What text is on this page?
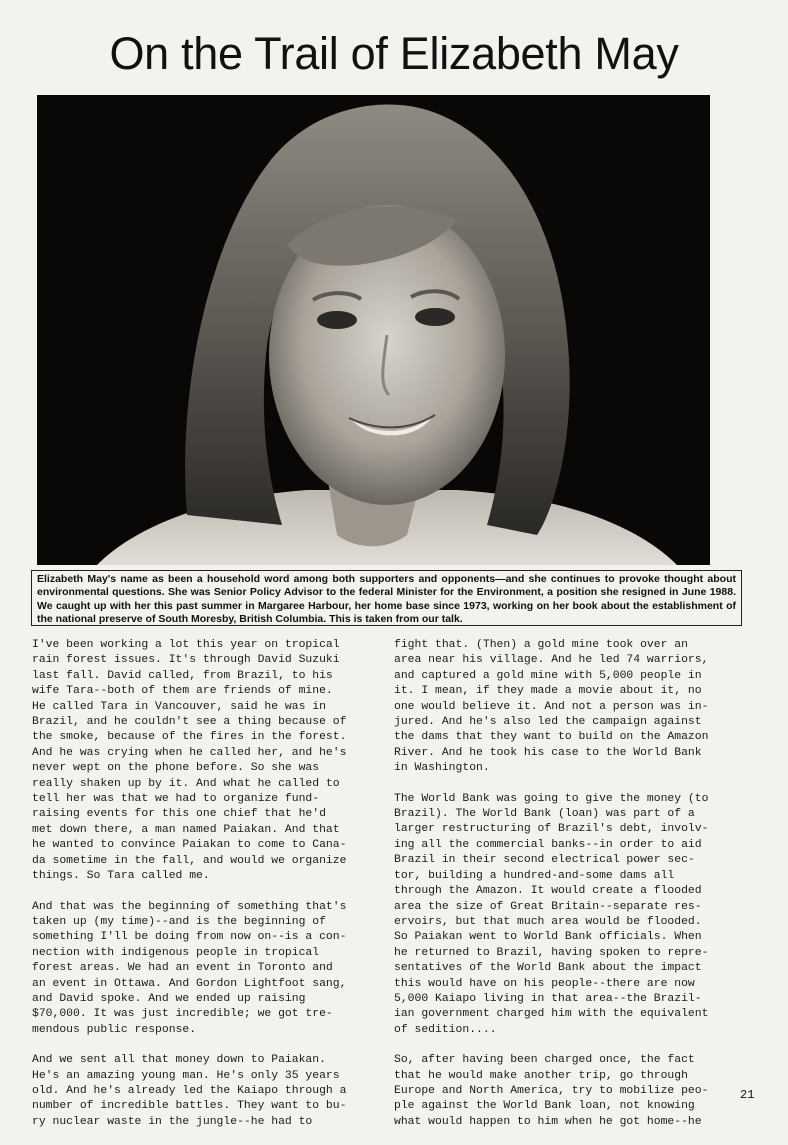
On the Trail of Elizabeth May
Elizabeth May's name as been a household word among both supporters and opponents—and she continues to provoke thought about environmental questions. She was Senior Policy Advisor to the federal Minister for the Environment, a position she resigned in June 1988. We caught up with her this past summer in Margaree Harbour, her home base since 1973, working on her book about the establishment of the national preserve of South Moresby, British Columbia. This is taken from our talk.

I've been working a lot this year on tropical
rain forest issues. It's through David Suzuki
last fall. David called, from Brazil, to his
wife Tara--both of them are friends of mine.
He called Tara in Vancouver, said he was in
Brazil, and he couldn't see a thing because of
the smoke, because of the fires in the forest.
And he was crying when he called her, and he's
never wept on the phone before. So she was
really shaken up by it. And what he called to
tell her was that we had to organize fund-
raising events for this one chief that he'd
met down there, a man named Paiakan. And that
he wanted to convince Paiakan to come to Cana-
da sometime in the fall, and would we organize
things. So Tara called me.

And that was the beginning of something that's
taken up (my time)--and is the beginning of
something I'll be doing from now on--is a con-
nection with indigenous people in tropical
forest areas. We had an event in Toronto and
an event in Ottawa. And Gordon Lightfoot sang,
and David spoke. And we ended up raising
$70,000. It was just incredible; we got tre-
mendous public response.

And we sent all that money down to Paiakan.
He's an amazing young man. He's only 35 years
old. And he's already led the Kaiapo through a
number of incredible battles. They want to bu-
ry nuclear waste in the jungle--he had to

fight that. (Then) a gold mine took over an
area near his village. And he led 74 warriors,
and captured a gold mine with 5,000 people in
it. I mean, if they made a movie about it, no
one would believe it. And not a person was in-
jured. And he's also led the campaign against
the dams that they want to build on the Amazon
River. And he took his case to the World Bank
in Washington.

The World Bank was going to give the money (to
Brazil). The World Bank (loan) was part of a
larger restructuring of Brazil's debt, involv-
ing all the commercial banks--in order to aid
Brazil in their second electrical power sec-
tor, building a hundred-and-some dams all
through the Amazon. It would create a flooded
area the size of Great Britain--separate res-
ervoirs, but that much area would be flooded.
So Paiakan went to World Bank officials. When
he returned to Brazil, having spoken to repre-
sentatives of the World Bank about the impact
this would have on his people--there are now
5,000 Kaiapo living in that area--the Brazil-
ian government charged him with the equivalent
of sedition....

So, after having been charged once, the fact
that he would make another trip, go through
Europe and North America, try to mobilize peo-
ple against the World Bank loan, not knowing
what would happen to him when he got home--he

21
